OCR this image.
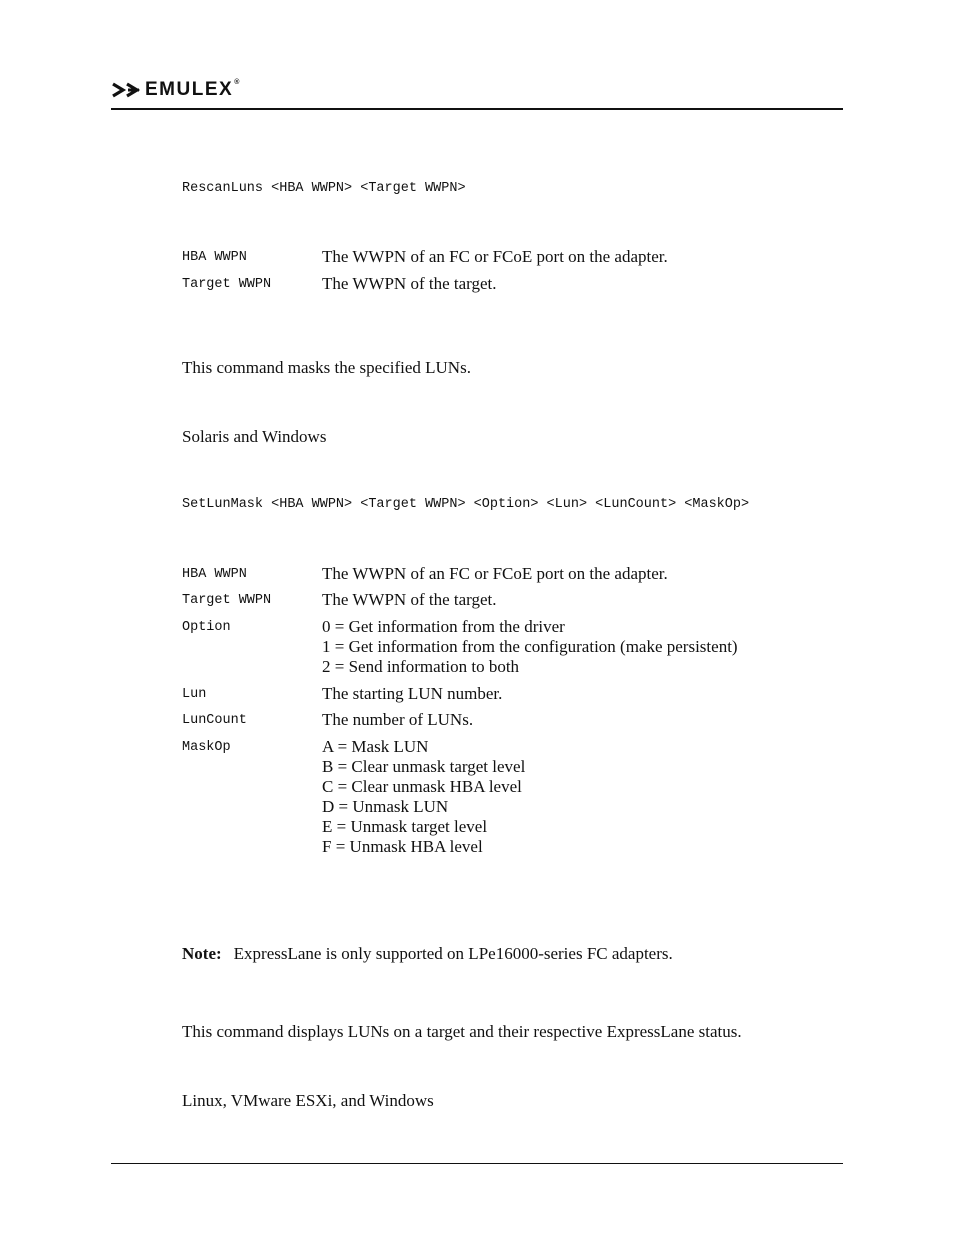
EMULEX®
RescanLuns <HBA WWPN> <Target WWPN>
HBA WWPN	The WWPN of an FC or FCoE port on the adapter.
Target WWPN	The WWPN of the target.
This command masks the specified LUNs.
Solaris and Windows
SetLunMask <HBA WWPN> <Target WWPN> <Option> <Lun> <LunCount> <MaskOp>
HBA WWPN	The WWPN of an FC or FCoE port on the adapter.
Target WWPN	The WWPN of the target.
Option	0 = Get information from the driver
1 = Get information from the configuration (make persistent)
2 = Send information to both
Lun	The starting LUN number.
LunCount	The number of LUNs.
MaskOp	A = Mask LUN
B = Clear unmask target level
C = Clear unmask HBA level
D = Unmask LUN
E = Unmask target level
F = Unmask HBA level
Note: ExpressLane is only supported on LPe16000-series FC adapters.
This command displays LUNs on a target and their respective ExpressLane status.
Linux, VMware ESXi, and Windows
